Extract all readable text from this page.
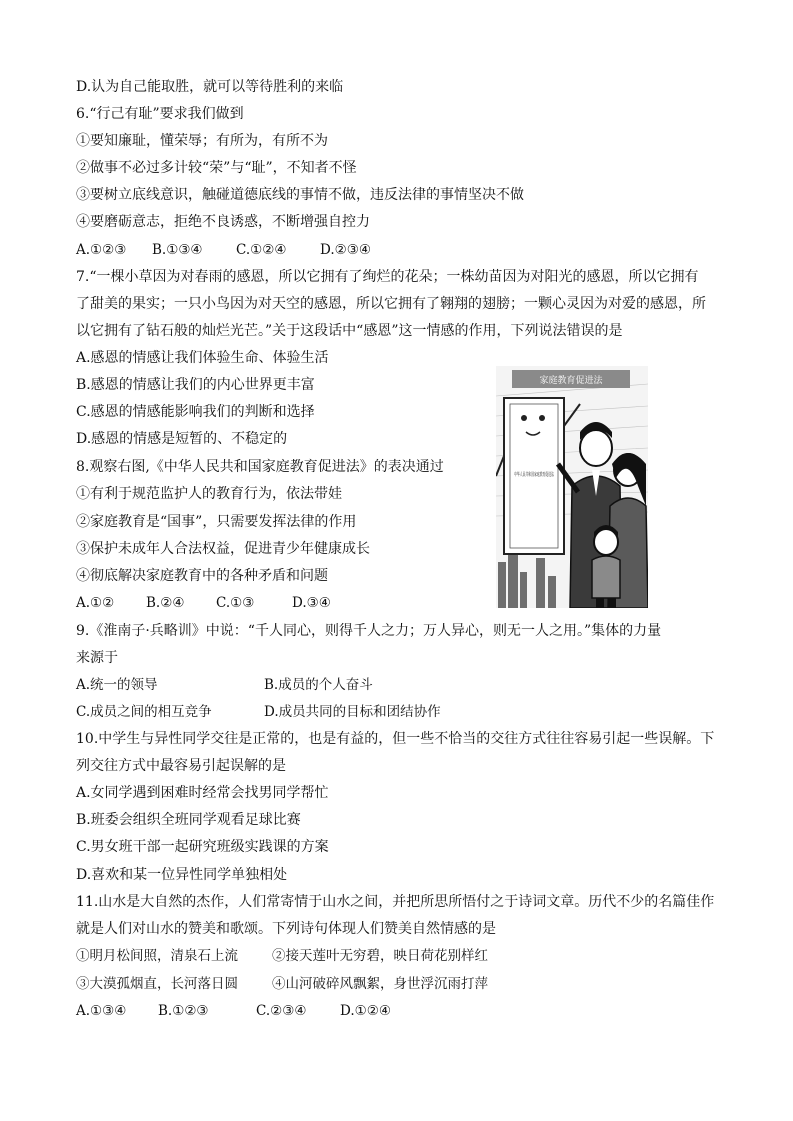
D.认为自己能取胜，就可以等待胜利的来临
6.“行己有耻”要求我们做到
①要知廉耻，懂荣辱；有所为，有所不为
②做事不必过多计较“荣”与“耻”，不知者不怪
③要树立底线意识，触碰道德底线的事情不做，违反法律的事情坚决不做
④要磨砺意志，拒绝不良诱惑，不断增强自控力
A.①②③ B.①③④ C.①②④ D.②③④
7.“一棵小草因为对春雨的感恩，所以它拥有了绚烂的花朵；一株幼苗因为对阳光的感恩，所以它拥有
了甜美的果实；一只小鸟因为对天空的感恩，所以它拥有了翱翔的翅膀；一颗心灵因为对爱的感恩，所
以它拥有了钻石般的灿烂光芒。”关于这段话中“感恩”这一情感的作用，下列说法错误的是
A.感恩的情感让我们体验生命、体验生活
B.感恩的情感让我们的内心世界更丰富
C.感恩的情感能影响我们的判断和选择
D.感恩的情感是短暂的、不稳定的
8.观察右图,《中华人民共和国家庭教育促进法》的表决通过
①有利于规范监护人的教育行为，依法带娃
②家庭教育是“国事”，只需要发挥法律的作用
③保护未成年人合法权益，促进青少年健康成长
④彻底解决家庭教育中的各种矛盾和问题
A.①② B.②④ C.①③	D.③④
家庭教育促进法
中华人民共和国家庭教育促进法
9.《淮南子·兵略训》中说：“千人同心，则得千人之力；万人异心，则无一人之用。”集体的力量
来源于
A.统一的领导	B.成员的个人奋斗
C.成员之间的相互竞争	D.成员共同的目标和团结协作
10.中学生与异性同学交往是正常的，也是有益的，但一些不恰当的交往方式往往容易引起一些误解。下
列交往方式中最容易引起误解的是
A.女同学遇到困难时经常会找男同学帮忙
B.班委会组织全班同学观看足球比赛
C.男女班干部一起研究班级实践课的方案
D.喜欢和某一位异性同学单独相处
11.山水是大自然的杰作，人们常寄情于山水之间，并把所思所悟付之于诗词文章。历代不少的名篇佳作
就是人们对山水的赞美和歌颂。下列诗句体现人们赞美自然情感的是
①明月松间照，清泉石上流	②接天莲叶无穷碧，映日荷花别样红
③大漠孤烟直，长河落日圆	④山河破碎风飘絮，身世浮沉雨打萍
A.①③④ B.①②③	C.②③④ D.①②④
